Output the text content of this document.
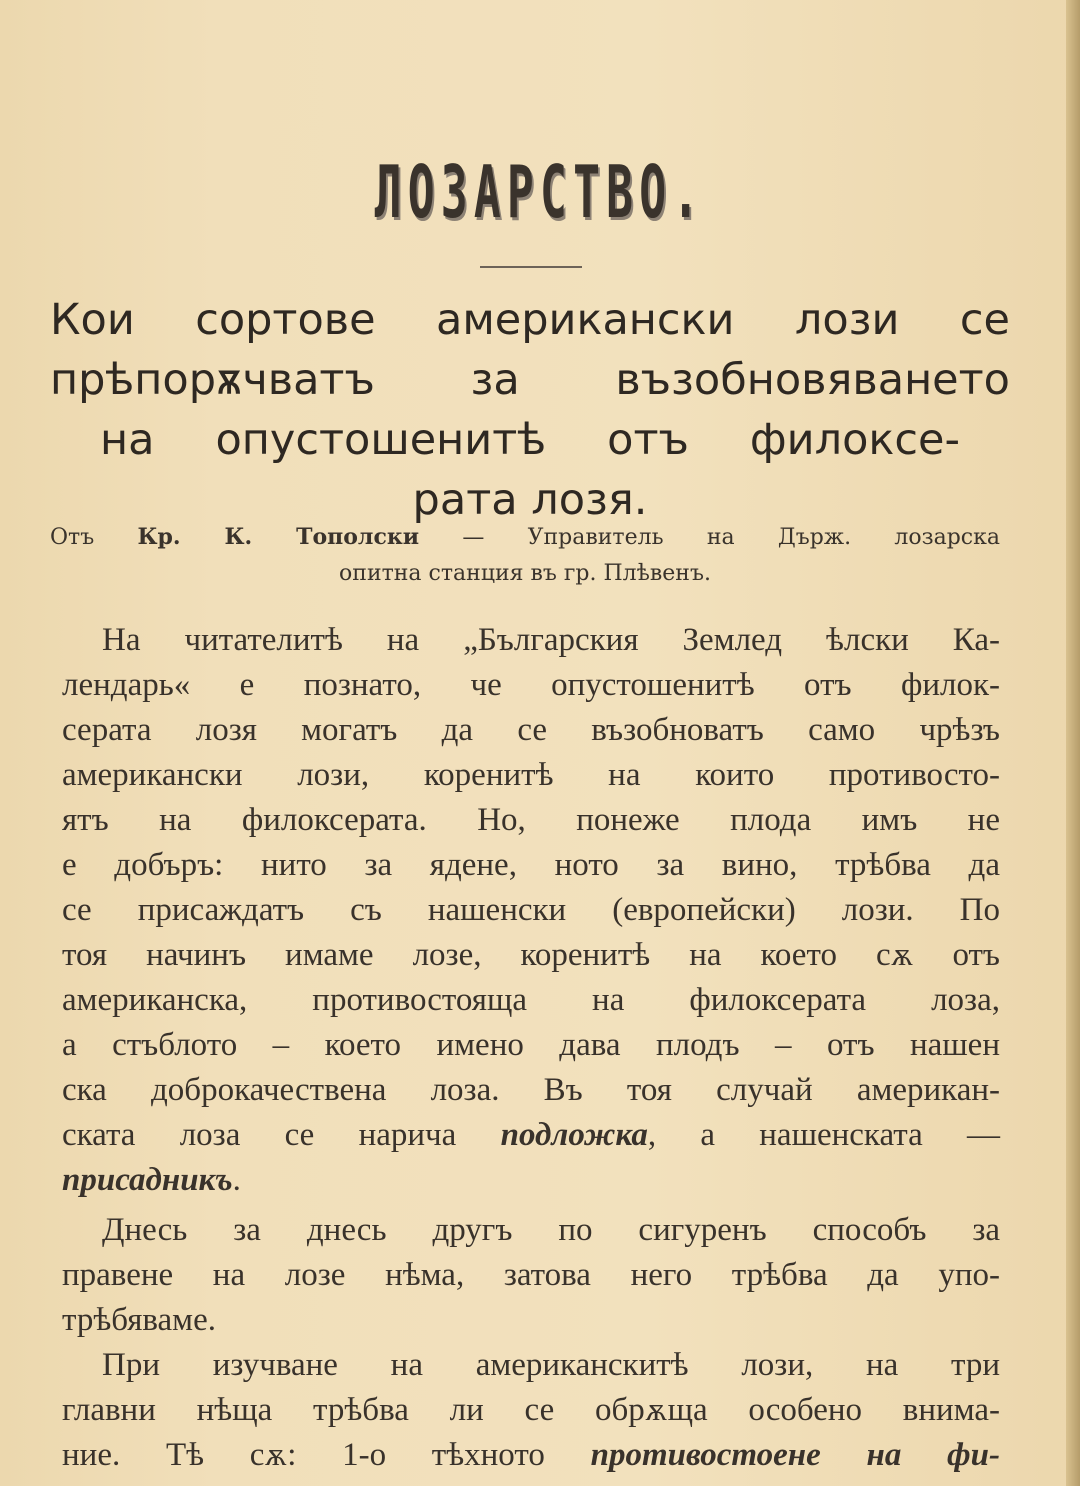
ЛОЗАРСТВО.
Кои сортове американски лози се
прѣпорѫчватъ за възобновяването
на опустошенитѣ отъ филоксе-
рата лозя.
Отъ Кр. К. Тополски — Управитель на Държ. лозарска
опитна станция въ гр. Плѣвенъ.
На читателитѣ на „Българския Землед ѣлски Ка-
лендарь« е познато, че опустошенитѣ отъ филок-
серата лозя могатъ да се възобноватъ само чрѣзъ
американски лози, коренитѣ на които противосто-
ятъ на филоксерата. Но, понеже плода имъ не
е добъръ: нито за ядене, ното за вино, трѣбва да
се присаждатъ съ нашенски (европейски) лози. По
тоя начинъ имаме лозе, коренитѣ на което сѫ отъ
американска, противостояща на филоксерата лоза,
а стъблото – което имено дава плодъ – отъ нашен
ска доброкачествена лоза. Въ тоя случай американ-
ската лоза се нарича подложка, а нашенската —
присадникъ.
Днесь за днесь другъ по сигуренъ способъ за
правене на лозе нѣма, затова него трѣбва да упо-
трѣбяваме.
При изучване на американскитѣ лози, на три
главни нѣща трѣбва ли се обрѫща особено внима-
ние. Тѣ сѫ: 1-о тѣхното противостоене на фи-
